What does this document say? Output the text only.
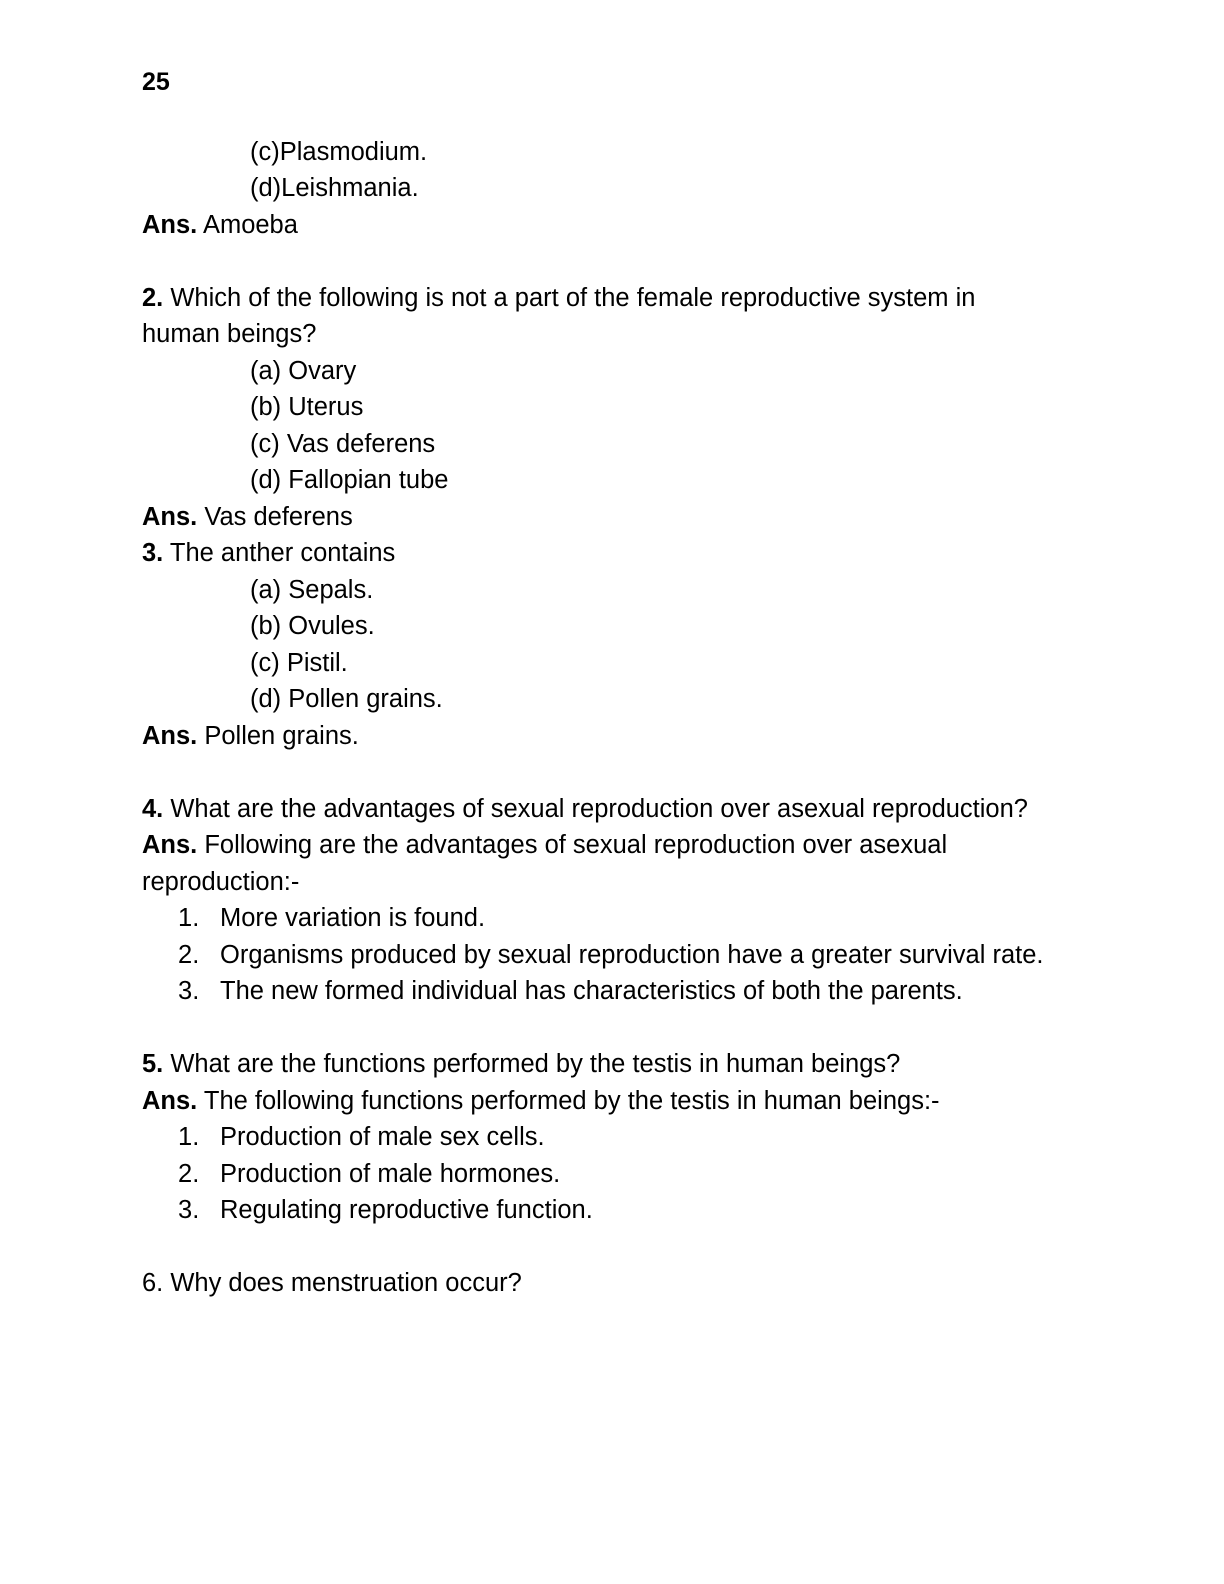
25

(c)Plasmodium.

(d)Leishmania.

Ans. Amoeba

2. Which of the following is not a part of the female reproductive system in human beings?

(a) Ovary

(b) Uterus

(c) Vas deferens

(d) Fallopian tube

Ans. Vas deferens

3. The anther contains

(a) Sepals.

(b) Ovules.

(c) Pistil.

(d) Pollen grains.

Ans. Pollen grains.

4. What are the advantages of sexual reproduction over asexual reproduction?

Ans. Following are the advantages of sexual reproduction over asexual reproduction:-

More variation is found.
Organisms produced by sexual reproduction have a greater survival rate.
The new formed individual has characteristics of both the parents.

5. What are the functions performed by the testis in human beings?

Ans. The following functions performed by the testis in human beings:-

Production of male sex cells.
Production of male hormones.
Regulating reproductive function.

6. Why does menstruation occur?
